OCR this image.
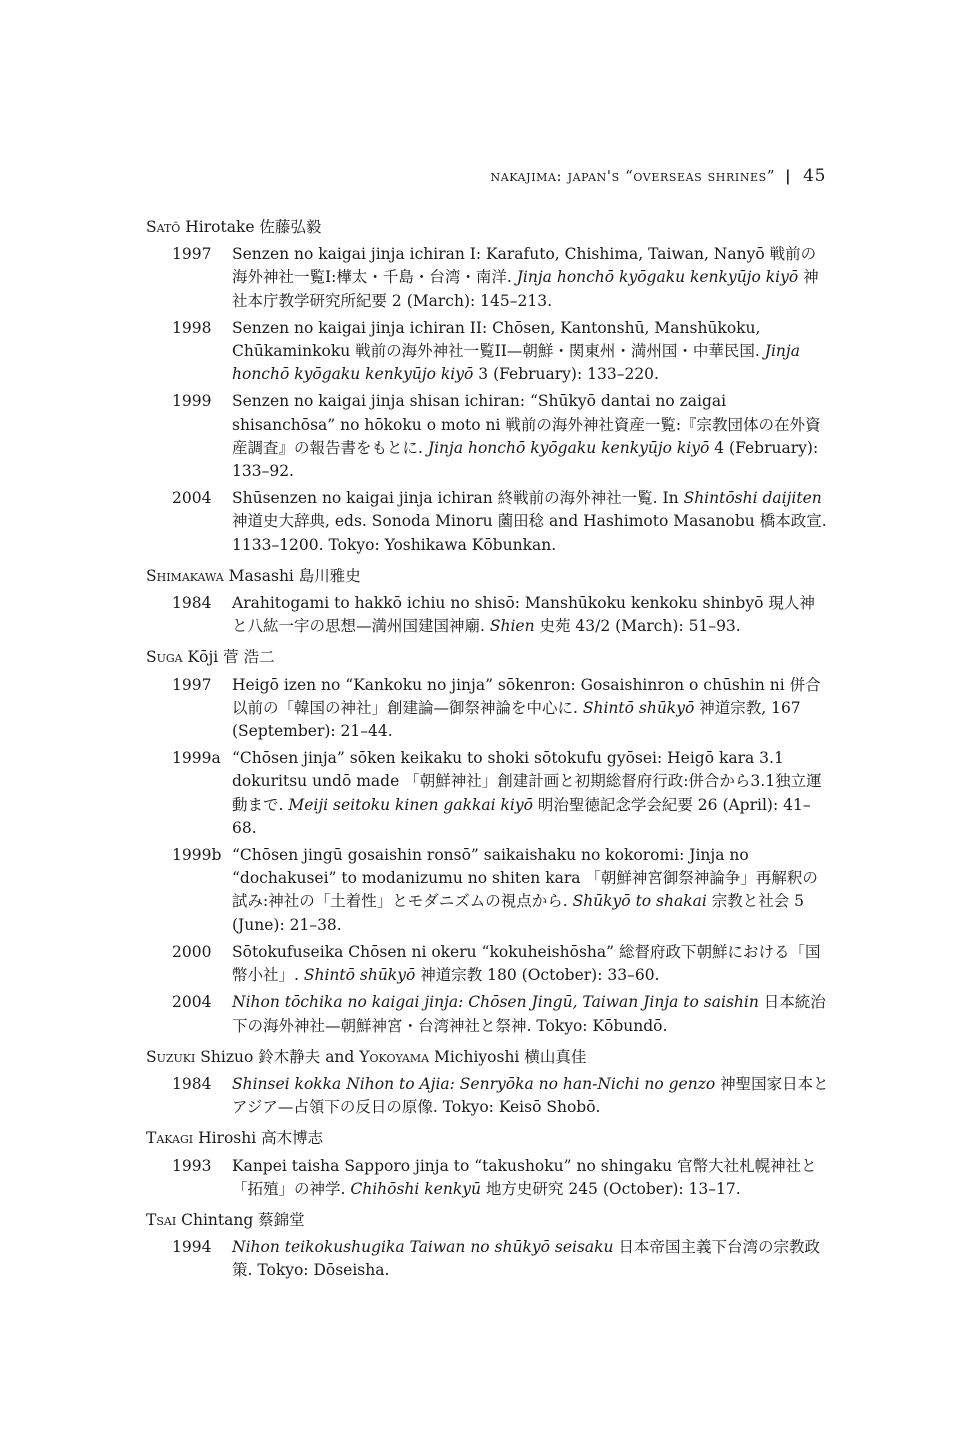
nakajima: japan's “overseas shrines” | 45
Satō Hirotake 佐藤弘毅
1997 Senzen no kaigai jinja ichiran I: Karafuto, Chishima, Taiwan, Nanyō 戦前の海外神社一覧I:樺太・千島・台湾・南洋. Jinja honchō kyōgaku kenkyūjo kiyō 神社本庁教学研究所紀要 2 (March): 145–213.
1998 Senzen no kaigai jinja ichiran II: Chōsen, Kantonshū, Manshūkoku, Chūkaminkoku 戦前の海外神社一覧II—朝鮮・関東州・満州国・中華民国. Jinja honchō kyōgaku kenkyūjo kiyō 3 (February): 133–220.
1999 Senzen no kaigai jinja shisan ichiran: “Shūkyō dantai no zaigai shisanchōsa” no hōkoku o moto ni 戦前の海外神社資産一覧:『宗教団体の在外資産調査』の報告書をもとに. Jinja honchō kyōgaku kenkyūjo kiyō 4 (February): 133–92.
2004 Shūsenzen no kaigai jinja ichiran 終戦前の海外神社一覧. In Shintōshi daijiten 神道史大辞典, eds. Sonoda Minoru 薗田稔 and Hashimoto Masanobu 橋本政宣. 1133–1200. Tokyo: Yoshikawa Kōbunkan.
Shimakawa Masashi 島川雅史
1984 Arahitogami to hakkō ichiu no shisō: Manshūkoku kenkoku shinbyō 現人神と八紘一宇の思想—満州国建国神廟. Shien 史苑 43/2 (March): 51–93.
Suga Kōji 菅 浩二
1997 Heigō izen no “Kankoku no jinja” sōkenron: Gosaishinron o chūshin ni 併合以前の「韓国の神社」創建論—御祭神論を中心に. Shintō shūkyō 神道宗教, 167 (September): 21–44.
1999a “Chōsen jinja” sōken keikaku to shoki sōtokufu gyōsei: Heigō kara 3.1 dokuritsu undō made 「朝鮮神社」創建計画と初期総督府行政:併合から3.1独立運動まで. Meiji seitoku kinen gakkai kiyō 明治聖徳記念学会紀要 26 (April): 41–68.
1999b “Chōsen jingū gosaishin ronsō” saikaishaku no kokoromi: Jinja no “dochakusei” to modanizumu no shiten kara 「朝鮮神宮御祭神論争」再解釈の試み:神社の「土着性」とモダニズムの視点から. Shūkyō to shakai 宗教と社会 5 (June): 21–38.
2000 Sōtokufuseika Chōsen ni okeru “kokuheishōsha” 総督府政下朝鮮における「国幣小社」. Shintō shūkyō 神道宗教 180 (October): 33–60.
2004 Nihon tōchika no kaigai jinja: Chōsen Jingū, Taiwan Jinja to saishin 日本統治下の海外神社—朝鮮神宮・台湾神社と祭神. Tokyo: Kōbundō.
Suzuki Shizuo 鈴木静夫 and Yokoyama Michiyoshi 横山真佳
1984 Shinsei kokka Nihon to Ajia: Senryōka no han-Nichi no genzo 神聖国家日本とアジア—占領下の反日の原像. Tokyo: Keisō Shobō.
Takagi Hiroshi 高木博志
1993 Kanpei taisha Sapporo jinja to “takushoku” no shingaku 官幣大社札幌神社と「拓殖」の神学. Chihōshi kenkyū 地方史研究 245 (October): 13–17.
Tsai Chintang 蔡錦堂
1994 Nihon teikokushugika Taiwan no shūkyō seisaku 日本帝国主義下台湾の宗教政策. Tokyo: Dōseisha.
